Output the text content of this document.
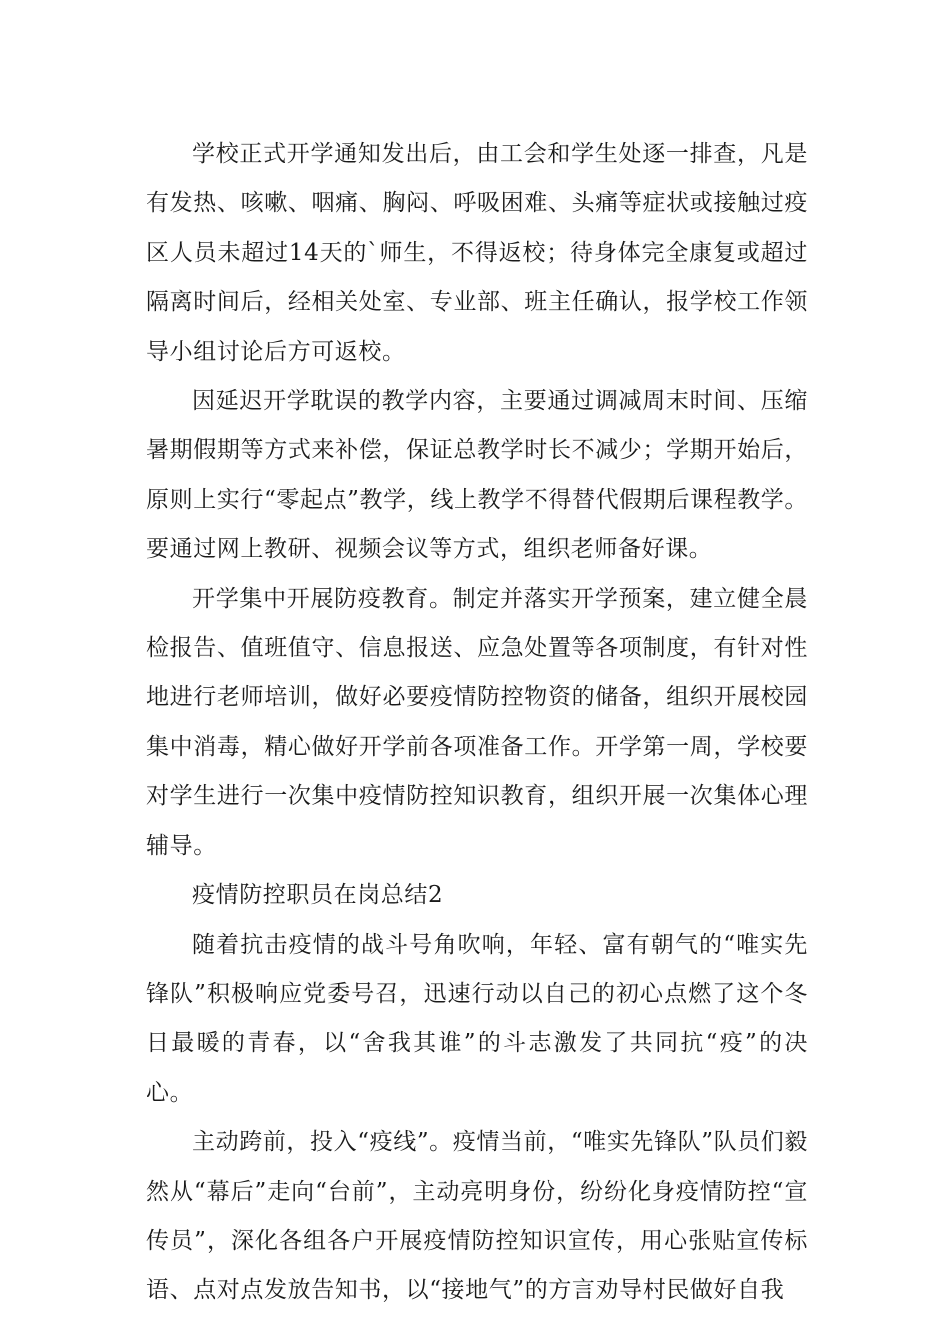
学校正式开学通知发出后，由工会和学生处逐一排查，凡是有发热、咳嗽、咽痛、胸闷、呼吸困难、头痛等症状或接触过疫区人员未超过14天的`师生，不得返校；待身体完全康复或超过隔离时间后，经相关处室、专业部、班主任确认，报学校工作领导小组讨论后方可返校。

因延迟开学耽误的教学内容，主要通过调减周末时间、压缩暑期假期等方式来补偿，保证总教学时长不减少；学期开始后，原则上实行“零起点”教学，线上教学不得替代假期后课程教学。要通过网上教研、视频会议等方式，组织老师备好课。

开学集中开展防疫教育。制定并落实开学预案，建立健全晨检报告、值班值守、信息报送、应急处置等各项制度，有针对性地进行老师培训，做好必要疫情防控物资的储备，组织开展校园集中消毒，精心做好开学前各项准备工作。开学第一周，学校要对学生进行一次集中疫情防控知识教育，组织开展一次集体心理辅导。

疫情防控职员在岗总结2

随着抗击疫情的战斗号角吹响，年轻、富有朝气的“唯实先锋队”积极响应党委号召，迅速行动以自己的初心点燃了这个冬日最暖的青春，以“舍我其谁”的斗志激发了共同抗“疫”的决心。

主动跨前，投入“疫线”。疫情当前，“唯实先锋队”队员们毅然从“幕后”走向“台前”，主动亮明身份，纷纷化身疫情防控“宣传员”，深化各组各户开展疫情防控知识宣传，用心张贴宣传标语、点对点发放告知书，以“接地气”的方言劝导村民做好自我
